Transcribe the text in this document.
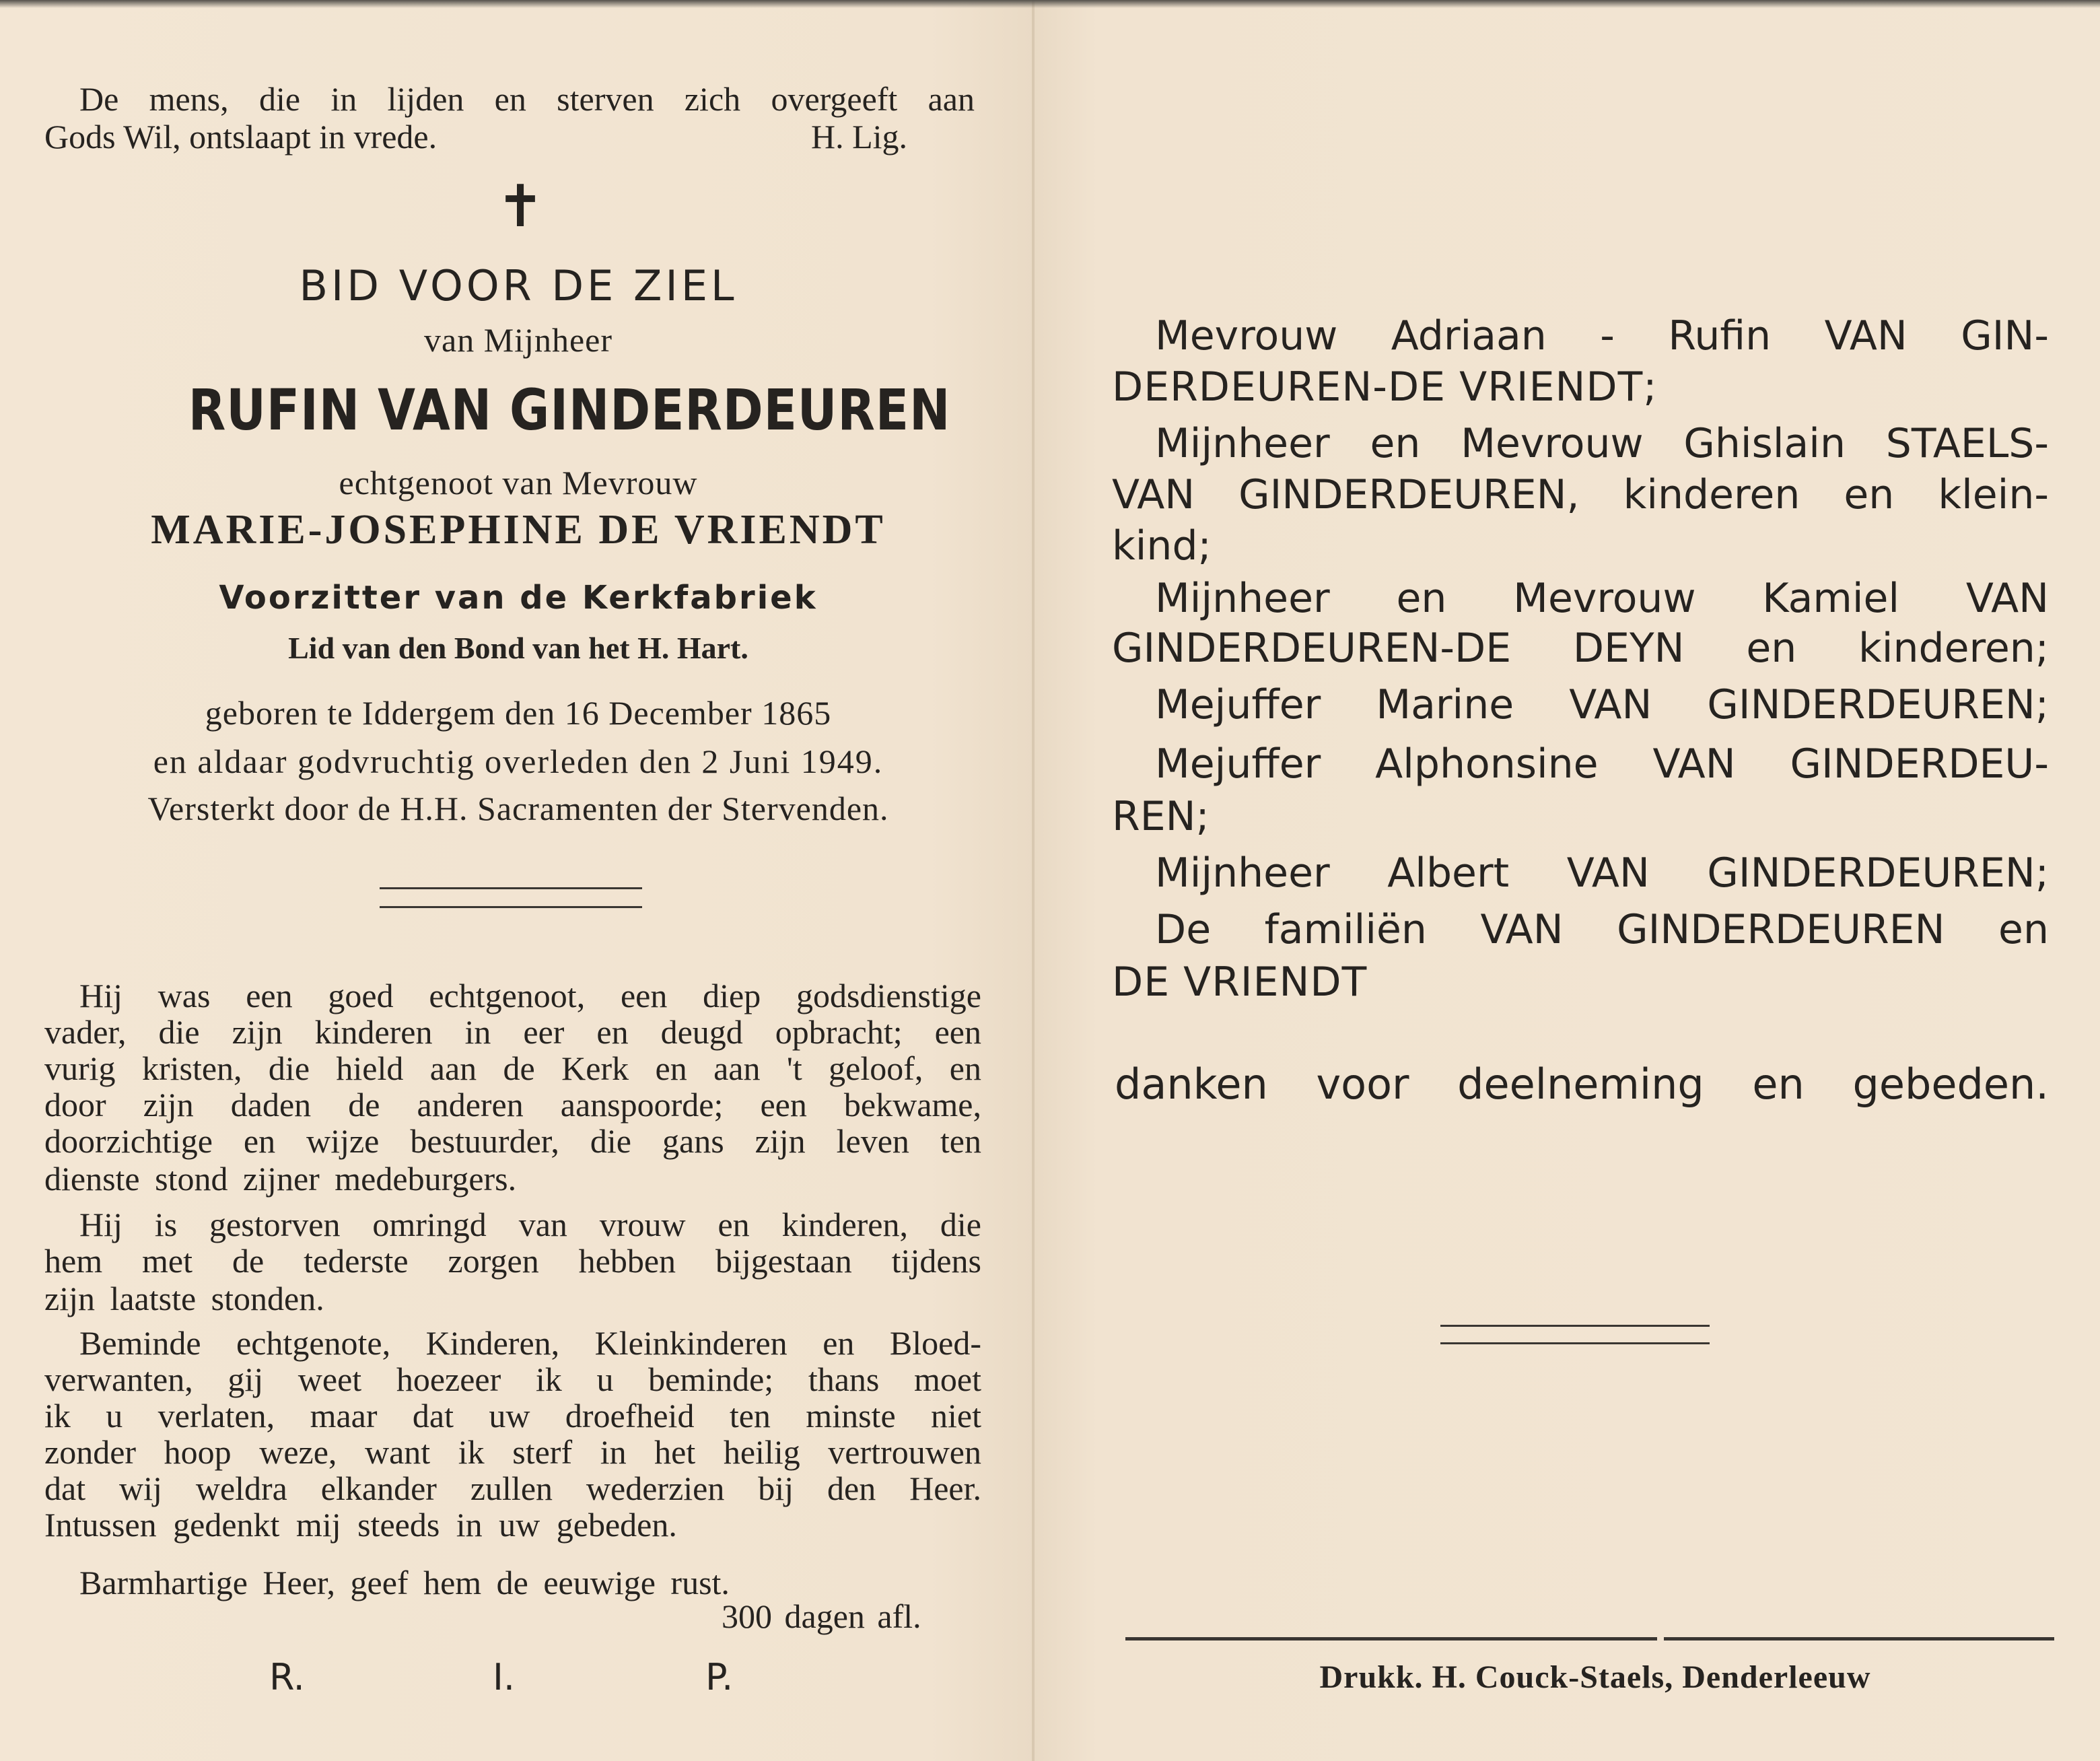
De mens, die in lijden en sterven zich overgeeft aan
Gods Wil, ontslaapt in vrede.	H. Lig.
✝
BID VOOR DE ZIEL
van Mijnheer
RUFIN VAN GINDERDEUREN
echtgenoot van Mevrouw
MARIE-JOSEPHINE DE VRIENDT
Voorzitter van de Kerkfabriek
Lid van den Bond van het H. Hart.
geboren te Iddergem den 16 December 1865
en aldaar godvruchtig overleden den 2 Juni 1949.
Versterkt door de H.H. Sacramenten der Stervenden.
Hij was een goed echtgenoot, een diep godsdienstige
vader, die zijn kinderen in eer en deugd opbracht; een
vurig kristen, die hield aan de Kerk en aan 't geloof, en
door zijn daden de anderen aanspoorde; een bekwame,
doorzichtige en wijze bestuurder, die gans zijn leven ten
dienste stond zijner medeburgers.
Hij is gestorven omringd van vrouw en kinderen, die
hem met de tederste zorgen hebben bijgestaan tijdens
zijn laatste stonden.
Beminde echtgenote, Kinderen, Kleinkinderen en Bloed-
verwanten, gij weet hoezeer ik u beminde; thans moet
ik u verlaten, maar dat uw droefheid ten minste niet
zonder hoop weze, want ik sterf in het heilig vertrouwen
dat wij weldra elkander zullen wederzien bij den Heer.
Intussen gedenkt mij steeds in uw gebeden.
Barmhartige Heer, geef hem de eeuwige rust.
300 dagen afl.
R.	I.	P.
Mevrouw Adriaan - Rufin VAN GIN-
DERDEUREN-DE VRIENDT;
Mijnheer en Mevrouw Ghislain STAELS-
VAN GINDERDEUREN, kinderen en klein-
kind;
Mijnheer en Mevrouw Kamiel VAN
GINDERDEUREN-DE DEYN en kinderen;
Mejuffer Marine VAN GINDERDEUREN;
Mejuffer Alphonsine VAN GINDERDEU-
REN;
Mijnheer Albert VAN GINDERDEUREN;
De familiën VAN GINDERDEUREN en
DE VRIENDT
danken voor deelneming en gebeden.
Drukk. H. Couck-Staels, Denderleeuw
